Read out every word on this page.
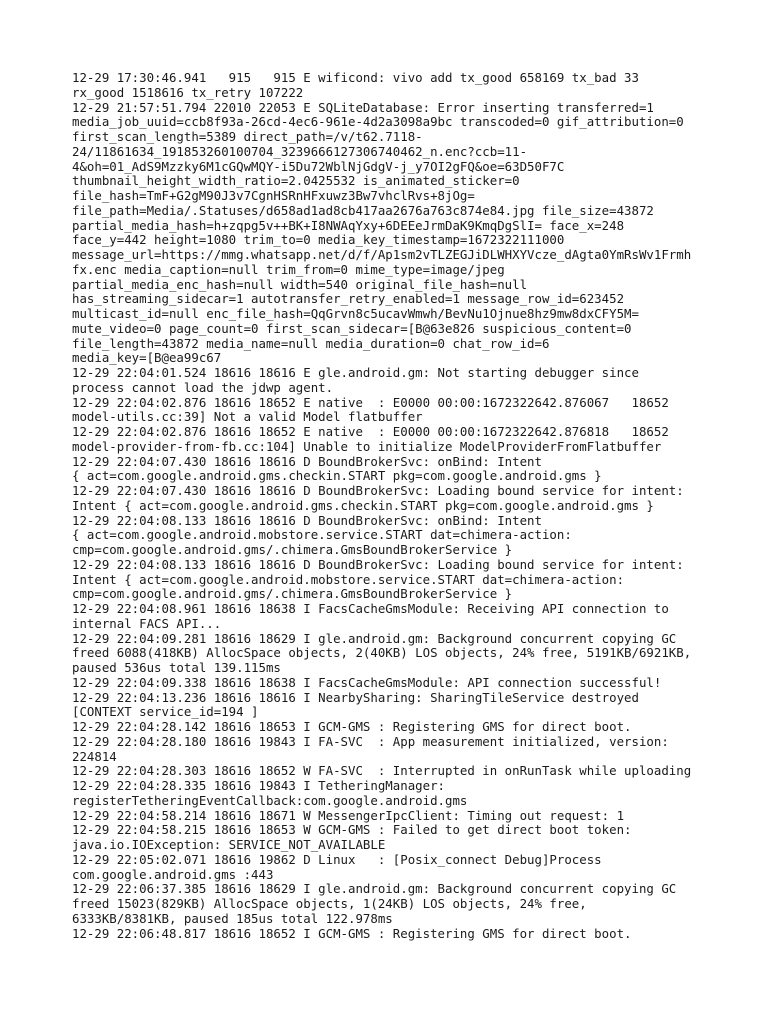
12-29 17:30:46.941   915   915 E wificond: vivo add tx_good 658169 tx_bad 33
rx_good 1518616 tx_retry 107222
12-29 21:57:51.794 22010 22053 E SQLiteDatabase: Error inserting transferred=1
media_job_uuid=ccb8f93a-26cd-4ec6-961e-4d2a3098a9bc transcoded=0 gif_attribution=0
first_scan_length=5389 direct_path=/v/t62.7118-
24/11861634_191853260100704_3239666127306740462_n.enc?ccb=11-
4&oh=01_AdS9Mzzky6M1cGQwMQY-i5Du72WblNjGdgV-j_y7OI2gFQ&oe=63D50F7C
thumbnail_height_width_ratio=2.0425532 is_animated_sticker=0
file_hash=TmF+G2gM90J3v7CgnHSRnHFxuwz3Bw7vhclRvs+8jOg=
file_path=Media/.Statuses/d658ad1ad8cb417aa2676a763c874e84.jpg file_size=43872
partial_media_hash=h+zqpg5v++BK+I8NWAqYxy+6DEEeJrmDaK9KmqDgSlI= face_x=248
face_y=442 height=1080 trim_to=0 media_key_timestamp=1672322111000
message_url=https://mmg.whatsapp.net/d/f/Ap1sm2vTLZEGJiDLWHXYVcze_dAgta0YmRsWv1Frmh
fx.enc media_caption=null trim_from=0 mime_type=image/jpeg
partial_media_enc_hash=null width=540 original_file_hash=null
has_streaming_sidecar=1 autotransfer_retry_enabled=1 message_row_id=623452
multicast_id=null enc_file_hash=QqGrvn8c5ucavWmwh/BevNu1Ojnue8hz9mw8dxCFY5M=
mute_video=0 page_count=0 first_scan_sidecar=[B@63e826 suspicious_content=0
file_length=43872 media_name=null media_duration=0 chat_row_id=6
media_key=[B@ea99c67
12-29 22:04:01.524 18616 18616 E gle.android.gm: Not starting debugger since
process cannot load the jdwp agent.
12-29 22:04:02.876 18616 18652 E native  : E0000 00:00:1672322642.876067   18652
model-utils.cc:39] Not a valid Model flatbuffer
12-29 22:04:02.876 18616 18652 E native  : E0000 00:00:1672322642.876818   18652
model-provider-from-fb.cc:104] Unable to initialize ModelProviderFromFlatbuffer
12-29 22:04:07.430 18616 18616 D BoundBrokerSvc: onBind: Intent
{ act=com.google.android.gms.checkin.START pkg=com.google.android.gms }
12-29 22:04:07.430 18616 18616 D BoundBrokerSvc: Loading bound service for intent:
Intent { act=com.google.android.gms.checkin.START pkg=com.google.android.gms }
12-29 22:04:08.133 18616 18616 D BoundBrokerSvc: onBind: Intent
{ act=com.google.android.mobstore.service.START dat=chimera-action:
cmp=com.google.android.gms/.chimera.GmsBoundBrokerService }
12-29 22:04:08.133 18616 18616 D BoundBrokerSvc: Loading bound service for intent:
Intent { act=com.google.android.mobstore.service.START dat=chimera-action:
cmp=com.google.android.gms/.chimera.GmsBoundBrokerService }
12-29 22:04:08.961 18616 18638 I FacsCacheGmsModule: Receiving API connection to
internal FACS API...
12-29 22:04:09.281 18616 18629 I gle.android.gm: Background concurrent copying GC
freed 6088(418KB) AllocSpace objects, 2(40KB) LOS objects, 24% free, 5191KB/6921KB,
paused 536us total 139.115ms
12-29 22:04:09.338 18616 18638 I FacsCacheGmsModule: API connection successful!
12-29 22:04:13.236 18616 18616 I NearbySharing: SharingTileService destroyed
[CONTEXT service_id=194 ]
12-29 22:04:28.142 18616 18653 I GCM-GMS : Registering GMS for direct boot.
12-29 22:04:28.180 18616 19843 I FA-SVC  : App measurement initialized, version:
224814
12-29 22:04:28.303 18616 18652 W FA-SVC  : Interrupted in onRunTask while uploading
12-29 22:04:28.335 18616 19843 I TetheringManager:
registerTetheringEventCallback:com.google.android.gms
12-29 22:04:58.214 18616 18671 W MessengerIpcClient: Timing out request: 1
12-29 22:04:58.215 18616 18653 W GCM-GMS : Failed to get direct boot token:
java.io.IOException: SERVICE_NOT_AVAILABLE
12-29 22:05:02.071 18616 19862 D Linux   : [Posix_connect Debug]Process
com.google.android.gms :443
12-29 22:06:37.385 18616 18629 I gle.android.gm: Background concurrent copying GC
freed 15023(829KB) AllocSpace objects, 1(24KB) LOS objects, 24% free,
6333KB/8381KB, paused 185us total 122.978ms
12-29 22:06:48.817 18616 18652 I GCM-GMS : Registering GMS for direct boot.
